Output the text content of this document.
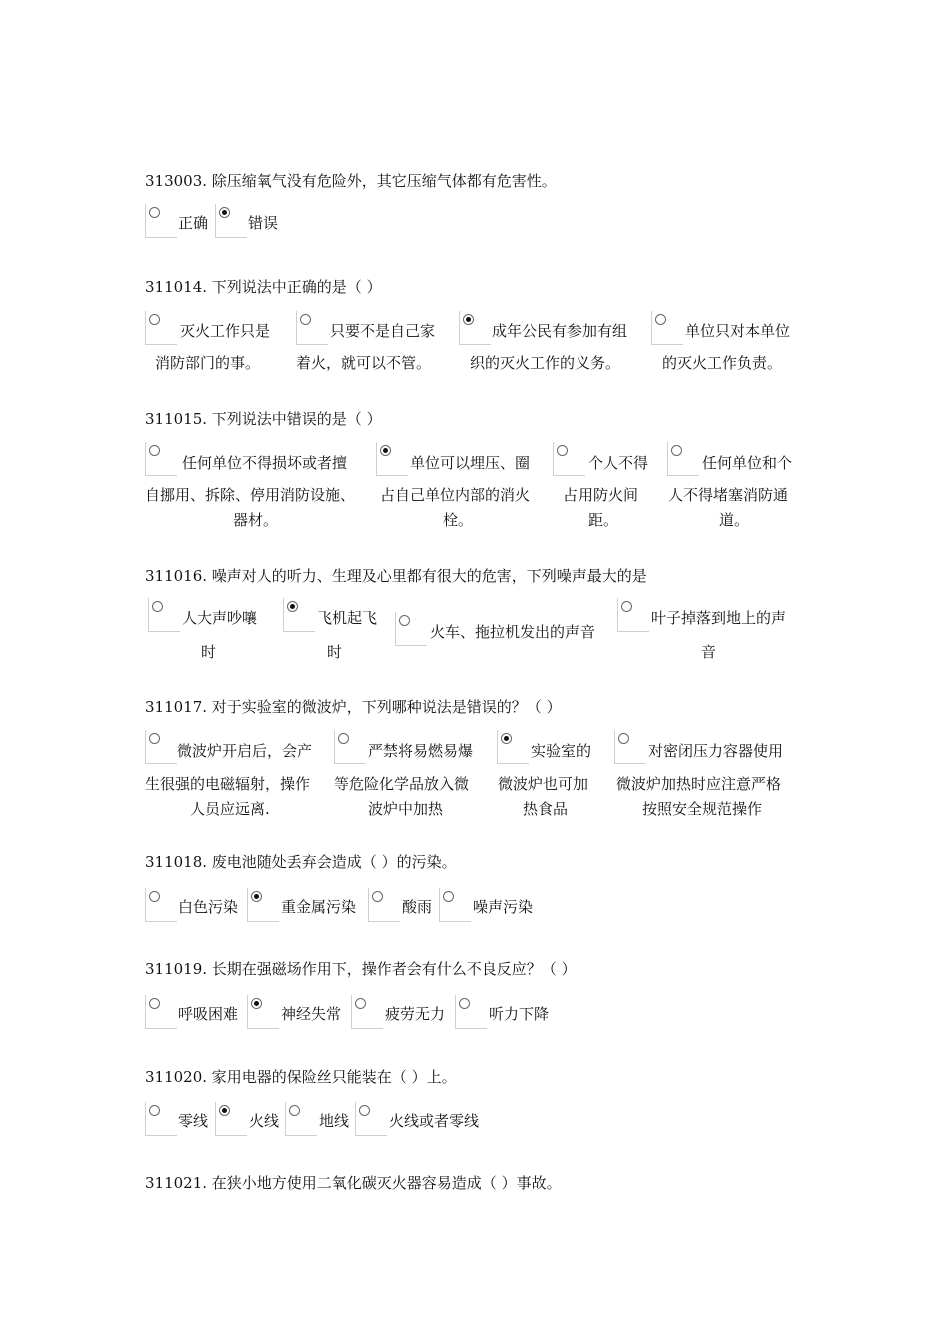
313003. 除压缩氧气没有危险外，其它压缩气体都有危害性。
正确	错误
311014. 下列说法中正确的是（ ）
灭火工作只是
消防部门的事。
只要不是自己家
着火，就可以不管。
成年公民有参加有组
织的灭火工作的义务。
单位只对本单位
的灭火工作负责。
311015. 下列说法中错误的是（ ）
任何单位不得损坏或者擅
自挪用、拆除、停用消防设施、
器材。
单位可以埋压、圈
占自己单位内部的消火
栓。
个人不得
占用防火间
距。
任何单位和个
人不得堵塞消防通
道。
311016. 噪声对人的听力、生理及心里都有很大的危害，下列噪声最大的是
人大声吵嚷
时
飞机起飞
时
火车、拖拉机发出的声音
叶子掉落到地上的声
音
311017. 对于实验室的微波炉，下列哪种说法是错误的？（ ）
微波炉开启后，会产
生很强的电磁辐射，操作
人员应远离.
严禁将易燃易爆
等危险化学品放入微
波炉中加热
实验室的
微波炉也可加
热食品
对密闭压力容器使用
微波炉加热时应注意严格
按照安全规范操作
311018. 废电池随处丢弃会造成（ ）的污染。
白色污染	重金属污染	酸雨	噪声污染
311019. 长期在强磁场作用下，操作者会有什么不良反应？（ ）
呼吸困难	神经失常	疲劳无力	听力下降
311020. 家用电器的保险丝只能装在（ ）上。
零线	火线	地线	火线或者零线
311021. 在狭小地方使用二氧化碳灭火器容易造成（ ）事故。
